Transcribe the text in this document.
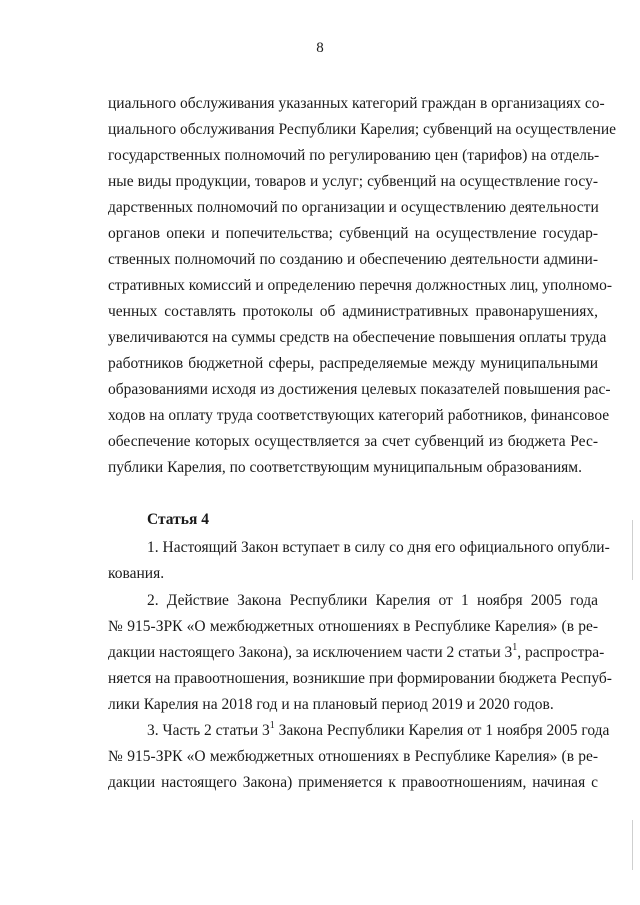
8
циального обслуживания указанных категорий граждан в организациях со-
циального обслуживания Республики Карелия; субвенций на осуществление
государственных полномочий по регулированию цен (тарифов) на отдель-
ные виды продукции, товаров и услуг; субвенций на осуществление госу-
дарственных полномочий по организации и осуществлению деятельности
органов опеки и попечительства; субвенций на осуществление государ-
ственных полномочий по созданию и обеспечению деятельности админи-
стративных комиссий и определению перечня должностных лиц, уполномо-
ченных составлять протоколы об административных правонарушениях,
увеличиваются на суммы средств на обеспечение повышения оплаты труда
работников бюджетной сферы, распределяемые между муниципальными
образованиями исходя из достижения целевых показателей повышения рас-
ходов на оплату труда соответствующих категорий работников, финансовое
обеспечение которых осуществляется за счет субвенций из бюджета Рес-
публики Карелия, по соответствующим муниципальным образованиям.
Статья 4
1. Настоящий Закон вступает в силу со дня его официального опубли-
кования.
2. Действие Закона Республики Карелия от 1 ноября 2005 года
№ 915-ЗРК «О межбюджетных отношениях в Республике Карелия» (в ре-
дакции настоящего Закона), за исключением части 2 статьи $3^1$, распростра-
няется на правоотношения, возникшие при формировании бюджета Респуб-
лики Карелия на 2018 год и на плановый период 2019 и 2020 годов.
3. Часть 2 статьи $3^1$ Закона Республики Карелия от 1 ноября 2005 года
№ 915-ЗРК «О межбюджетных отношениях в Республике Карелия» (в ре-
дакции настоящего Закона) применяется к правоотношениям, начиная с
